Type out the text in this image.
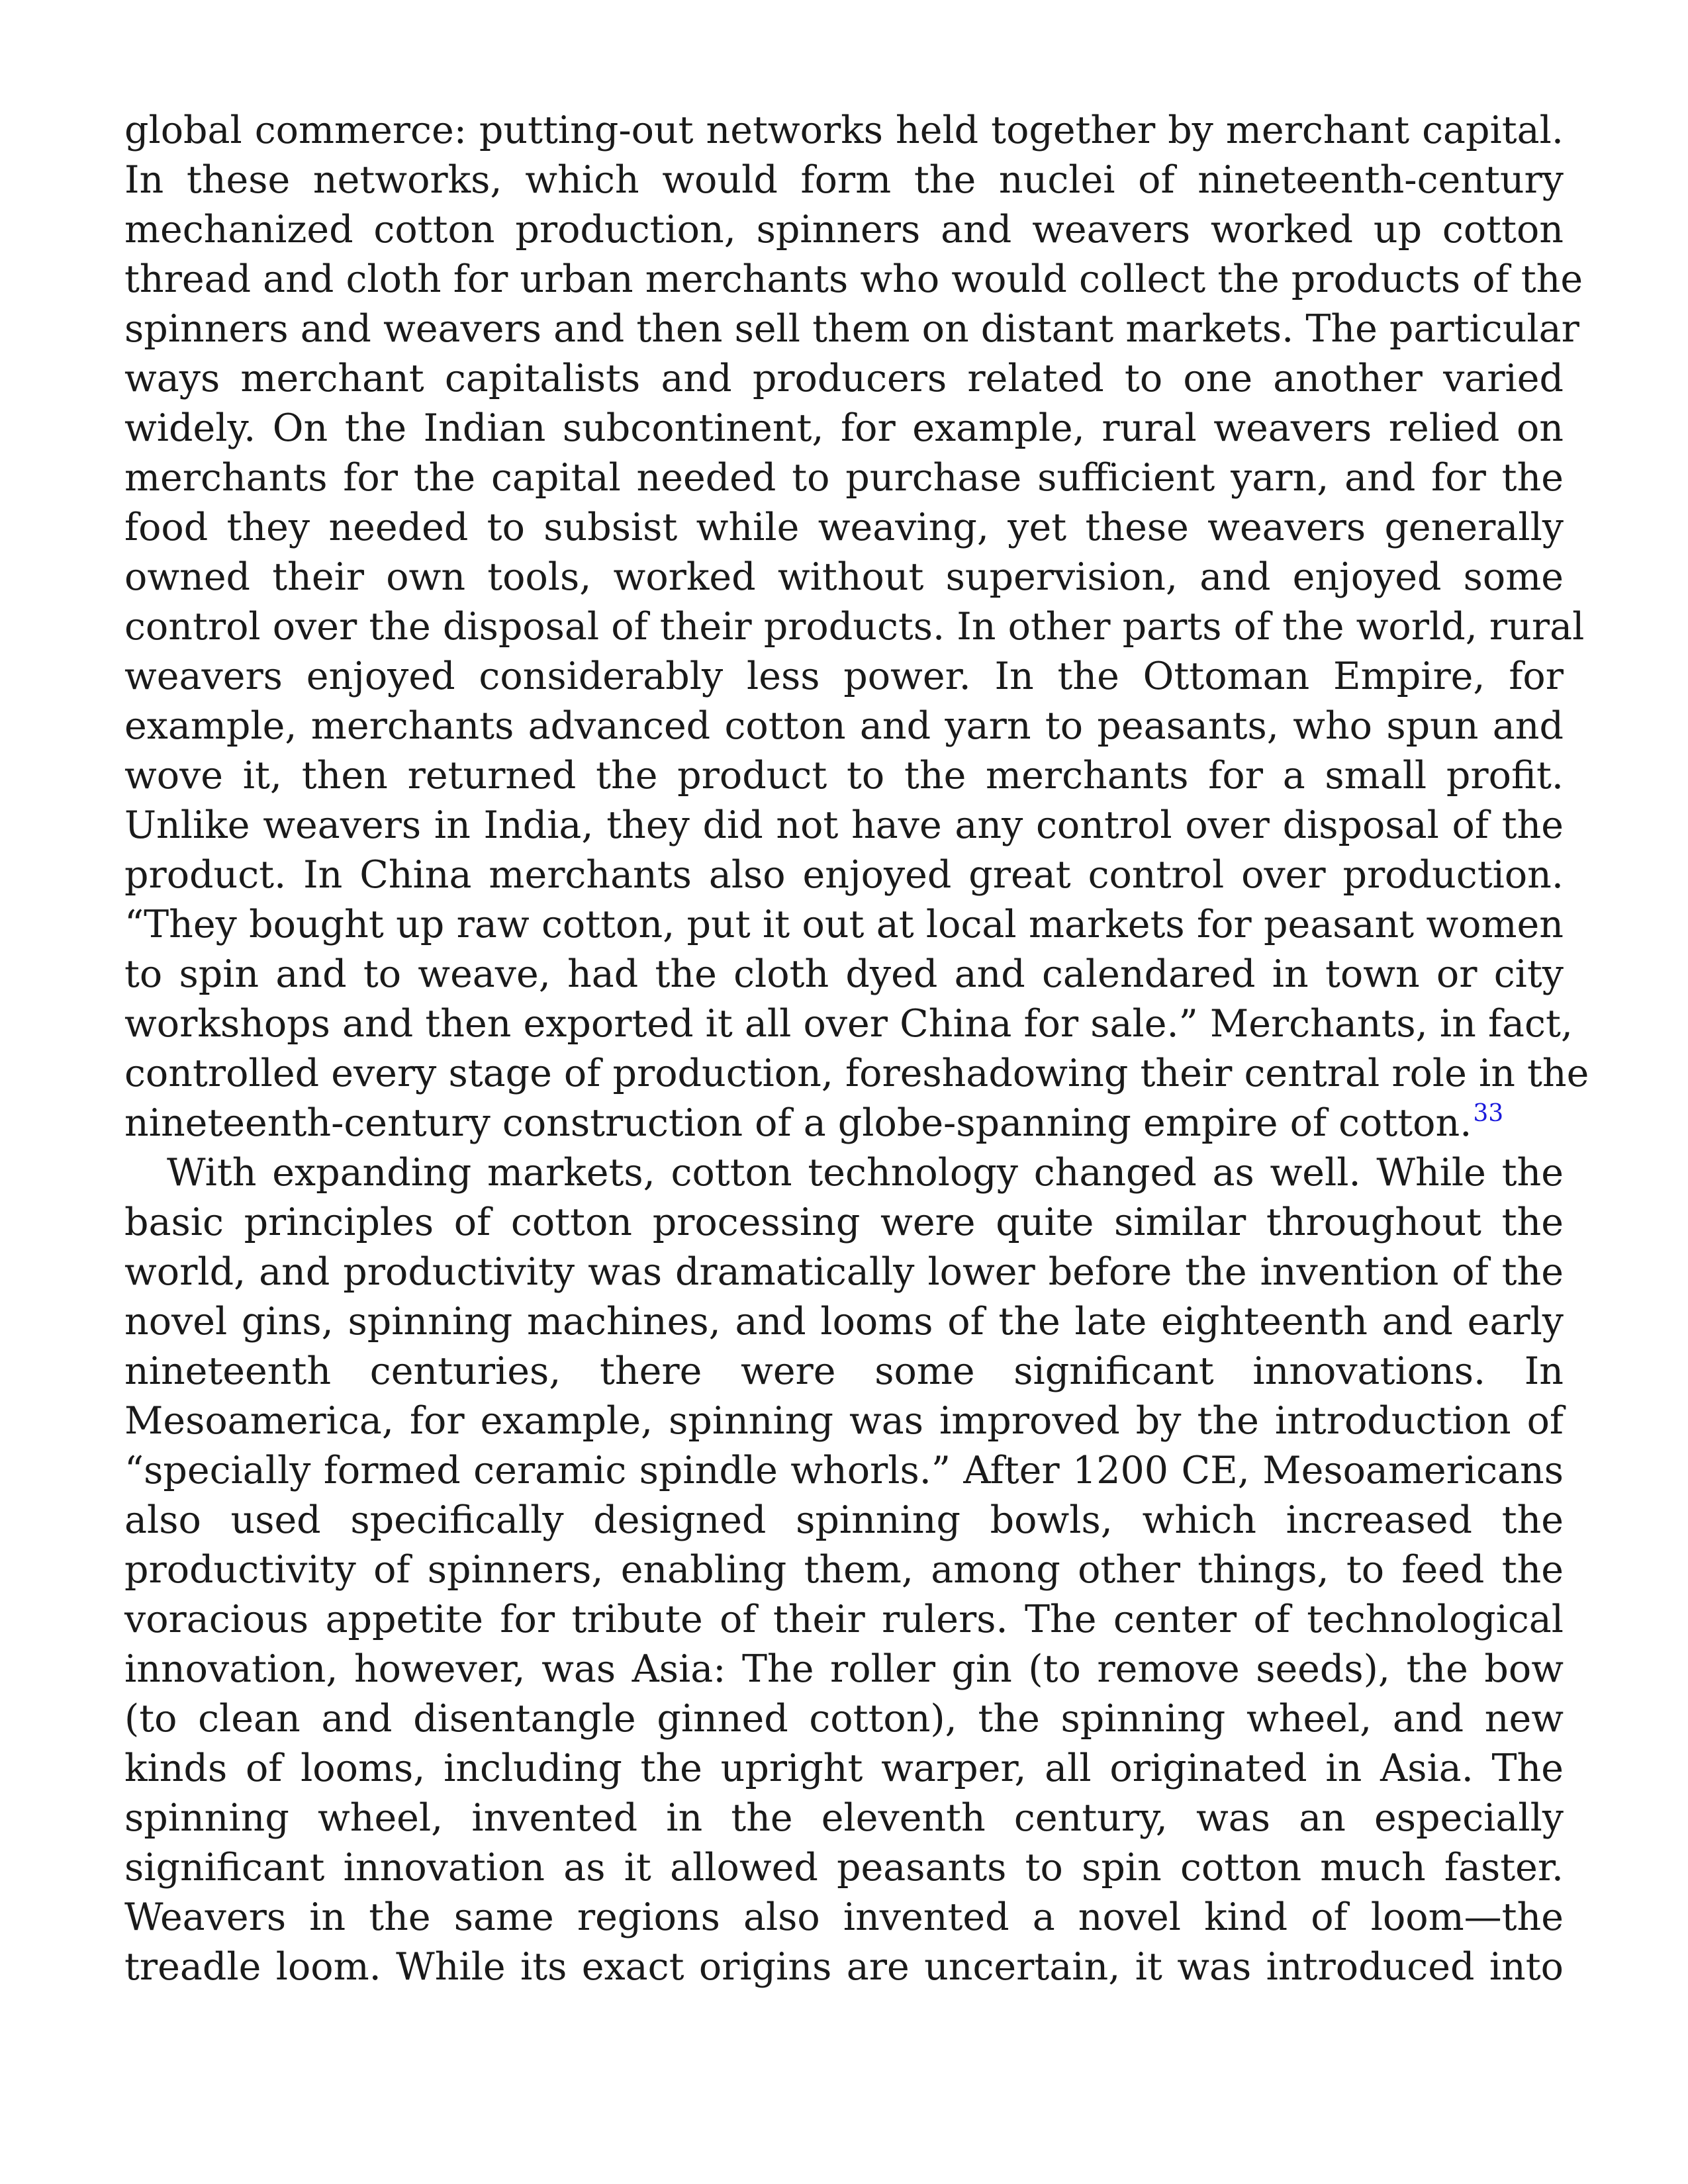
global commerce: putting-out networks held together by merchant capital.
In these networks, which would form the nuclei of nineteenth-century
mechanized cotton production, spinners and weavers worked up cotton
thread and cloth for urban merchants who would collect the products of the
spinners and weavers and then sell them on distant markets. The particular
ways merchant capitalists and producers related to one another varied
widely. On the Indian subcontinent, for example, rural weavers relied on
merchants for the capital needed to purchase sufficient yarn, and for the
food they needed to subsist while weaving, yet these weavers generally
owned their own tools, worked without supervision, and enjoyed some
control over the disposal of their products. In other parts of the world, rural
weavers enjoyed considerably less power. In the Ottoman Empire, for
example, merchants advanced cotton and yarn to peasants, who spun and
wove it, then returned the product to the merchants for a small profit.
Unlike weavers in India, they did not have any control over disposal of the
product. In China merchants also enjoyed great control over production.
“They bought up raw cotton, put it out at local markets for peasant women
to spin and to weave, had the cloth dyed and calendared in town or city
workshops and then exported it all over China for sale.” Merchants, in fact,
controlled every stage of production, foreshadowing their central role in the
nineteenth-century construction of a globe-spanning empire of cotton.$^{33}$
With expanding markets, cotton technology changed as well. While the
basic principles of cotton processing were quite similar throughout the
world, and productivity was dramatically lower before the invention of the
novel gins, spinning machines, and looms of the late eighteenth and early
nineteenth centuries, there were some significant innovations. In
Mesoamerica, for example, spinning was improved by the introduction of
“specially formed ceramic spindle whorls.” After 1200 CE, Mesoamericans
also used specifically designed spinning bowls, which increased the
productivity of spinners, enabling them, among other things, to feed the
voracious appetite for tribute of their rulers. The center of technological
innovation, however, was Asia: The roller gin (to remove seeds), the bow
(to clean and disentangle ginned cotton), the spinning wheel, and new
kinds of looms, including the upright warper, all originated in Asia. The
spinning wheel, invented in the eleventh century, was an especially
significant innovation as it allowed peasants to spin cotton much faster.
Weavers in the same regions also invented a novel kind of loom—the
treadle loom. While its exact origins are uncertain, it was introduced into
